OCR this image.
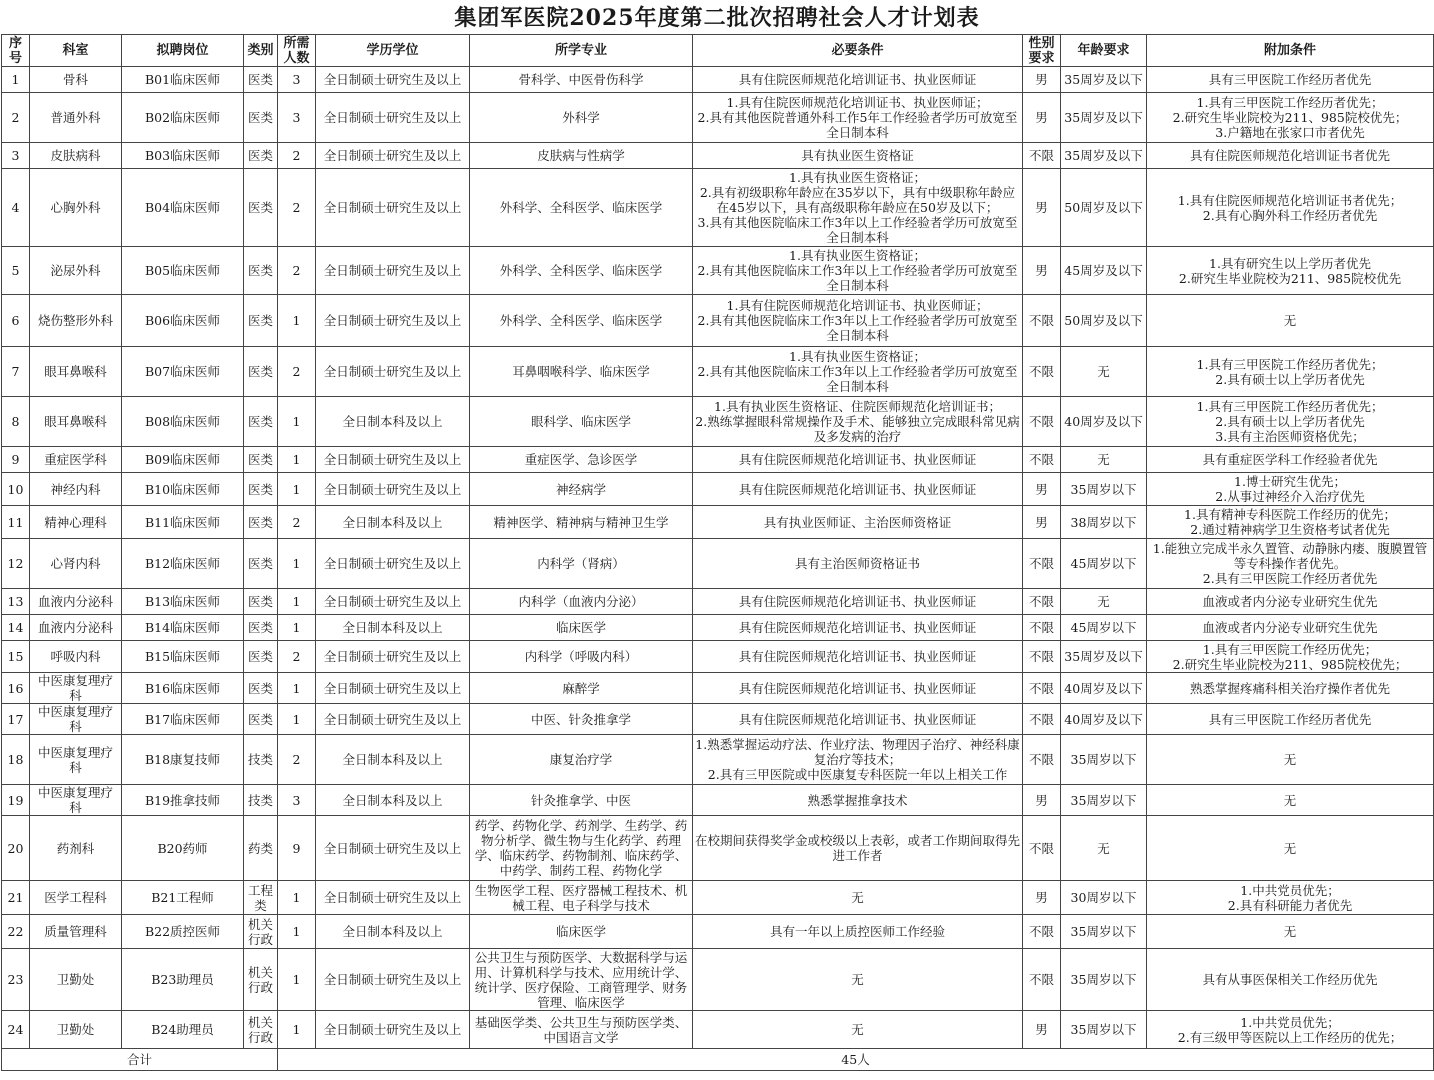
集团军医院2025年度第二批次招聘社会人才计划表
序号	科室	拟聘岗位	类别	所需人数	学历学位	所学专业	必要条件	性别要求	年龄要求	附加条件
1	骨科	B01临床医师	医类	3	全日制硕士研究生及以上	骨科学、中医骨伤科学	具有住院医师规范化培训证书、执业医师证	男	35周岁及以下	具有三甲医院工作经历者优先
2	普通外科	B02临床医师	医类	3	全日制硕士研究生及以上	外科学	1.具有住院医师规范化培训证书、执业医师证；
2.具有其他医院普通外科工作5年工作经验者学历可放宽至全日制本科	男	35周岁及以下	1.具有三甲医院工作经历者优先；
2.研究生毕业院校为211、985院校优先；
3.户籍地在张家口市者优先
3	皮肤病科	B03临床医师	医类	2	全日制硕士研究生及以上	皮肤病与性病学	具有执业医生资格证	不限	35周岁及以下	具有住院医师规范化培训证书者优先
4	心胸外科	B04临床医师	医类	2	全日制硕士研究生及以上	外科学、全科医学、临床医学	1.具有执业医生资格证；
2.具有初级职称年龄应在35岁以下，具有中级职称年龄应在45岁以下，具有高级职称年龄应在50岁及以下；
3.具有其他医院临床工作3年以上工作经验者学历可放宽至全日制本科	男	50周岁及以下	1.具有住院医师规范化培训证书者优先；
2.具有心胸外科工作经历者优先
5	泌尿外科	B05临床医师	医类	2	全日制硕士研究生及以上	外科学、全科医学、临床医学	1.具有执业医生资格证；
2.具有其他医院临床工作3年以上工作经验者学历可放宽至全日制本科	男	45周岁及以下	1.具有研究生以上学历者优先
2.研究生毕业院校为211、985院校优先
6	烧伤整形外科	B06临床医师	医类	1	全日制硕士研究生及以上	外科学、全科医学、临床医学	1.具有住院医师规范化培训证书、执业医师证；
2.具有其他医院临床工作3年以上工作经验者学历可放宽至全日制本科	不限	50周岁及以下	无
7	眼耳鼻喉科	B07临床医师	医类	2	全日制硕士研究生及以上	耳鼻咽喉科学、临床医学	1.具有执业医生资格证；
2.具有其他医院临床工作3年以上工作经验者学历可放宽至全日制本科	不限	无	1.具有三甲医院工作经历者优先；
2.具有硕士以上学历者优先
8	眼耳鼻喉科	B08临床医师	医类	1	全日制本科及以上	眼科学、临床医学	1.具有执业医生资格证、住院医师规范化培训证书；
2.熟练掌握眼科常规操作及手术、能够独立完成眼科常见病及多发病的治疗	不限	40周岁及以下	1.具有三甲医院工作经历者优先；
2.具有硕士以上学历者优先
3.具有主治医师资格优先；
9	重症医学科	B09临床医师	医类	1	全日制硕士研究生及以上	重症医学、急诊医学	具有住院医师规范化培训证书、执业医师证	不限	无	具有重症医学科工作经验者优先
10	神经内科	B10临床医师	医类	1	全日制硕士研究生及以上	神经病学	具有住院医师规范化培训证书、执业医师证	男	35周岁以下	1.博士研究生优先；
2.从事过神经介入治疗优先
11	精神心理科	B11临床医师	医类	2	全日制本科及以上	精神医学、精神病与精神卫生学	具有执业医师证、主治医师资格证	男	38周岁以下	1.具有精神专科医院工作经历的优先；
2.通过精神病学卫生资格考试者优先
12	心肾内科	B12临床医师	医类	1	全日制硕士研究生及以上	内科学（肾病）	具有主治医师资格证书	不限	45周岁以下	1.能独立完成半永久置管、动静脉内瘘、腹膜置管等专科操作者优先。
2.具有三甲医院工作经历者优先
13	血液内分泌科	B13临床医师	医类	1	全日制硕士研究生及以上	内科学（血液内分泌）	具有住院医师规范化培训证书、执业医师证	不限	无	血液或者内分泌专业研究生优先
14	血液内分泌科	B14临床医师	医类	1	全日制本科及以上	临床医学	具有住院医师规范化培训证书、执业医师证	不限	45周岁以下	血液或者内分泌专业研究生优先
15	呼吸内科	B15临床医师	医类	2	全日制硕士研究生及以上	内科学（呼吸内科）	具有住院医师规范化培训证书、执业医师证	不限	35周岁及以下	1.具有三甲医院工作经历优先；
2.研究生毕业院校为211、985院校优先；
16	中医康复理疗科	B16临床医师	医类	1	全日制硕士研究生及以上	麻醉学	具有住院医师规范化培训证书、执业医师证	不限	40周岁及以下	熟悉掌握疼痛科相关治疗操作者优先
17	中医康复理疗科	B17临床医师	医类	1	全日制硕士研究生及以上	中医、针灸推拿学	具有住院医师规范化培训证书、执业医师证	不限	40周岁及以下	具有三甲医院工作经历者优先
18	中医康复理疗科	B18康复技师	技类	2	全日制本科及以上	康复治疗学	1.熟悉掌握运动疗法、作业疗法、物理因子治疗、神经科康复治疗等技术；
2.具有三甲医院或中医康复专科医院一年以上相关工作	不限	35周岁以下	无
19	中医康复理疗科	B19推拿技师	技类	3	全日制本科及以上	针灸推拿学、中医	熟悉掌握推拿技术	男	35周岁以下	无
20	药剂科	B20药师	药类	9	全日制硕士研究生及以上	药学、药物化学、药剂学、生药学、药物分析学、微生物与生化药学、药理学、临床药学、药物制剂、临床药学、中药学、制药工程、药物化学	在校期间获得奖学金或校级以上表彰，或者工作期间取得先进工作者	不限	无	无
21	医学工程科	B21工程师	工程类	1	全日制硕士研究生及以上	生物医学工程、医疗器械工程技术、机械工程、电子科学与技术	无	男	30周岁以下	1.中共党员优先；
2.具有科研能力者优先
22	质量管理科	B22质控医师	机关行政	1	全日制本科及以上	临床医学	具有一年以上质控医师工作经验	不限	35周岁以下	无
23	卫勤处	B23助理员	机关行政	1	全日制硕士研究生及以上	公共卫生与预防医学、大数据科学与运用、计算机科学与技术、应用统计学、统计学、医疗保险、工商管理学、财务管理、临床医学	无	不限	35周岁以下	具有从事医保相关工作经历优先
24	卫勤处	B24助理员	机关行政	1	全日制硕士研究生及以上	基础医学类、公共卫生与预防医学类、中国语言文学	无	男	35周岁以下	1.中共党员优先；
2.有三级甲等医院以上工作经历的优先；
合计				45人						
